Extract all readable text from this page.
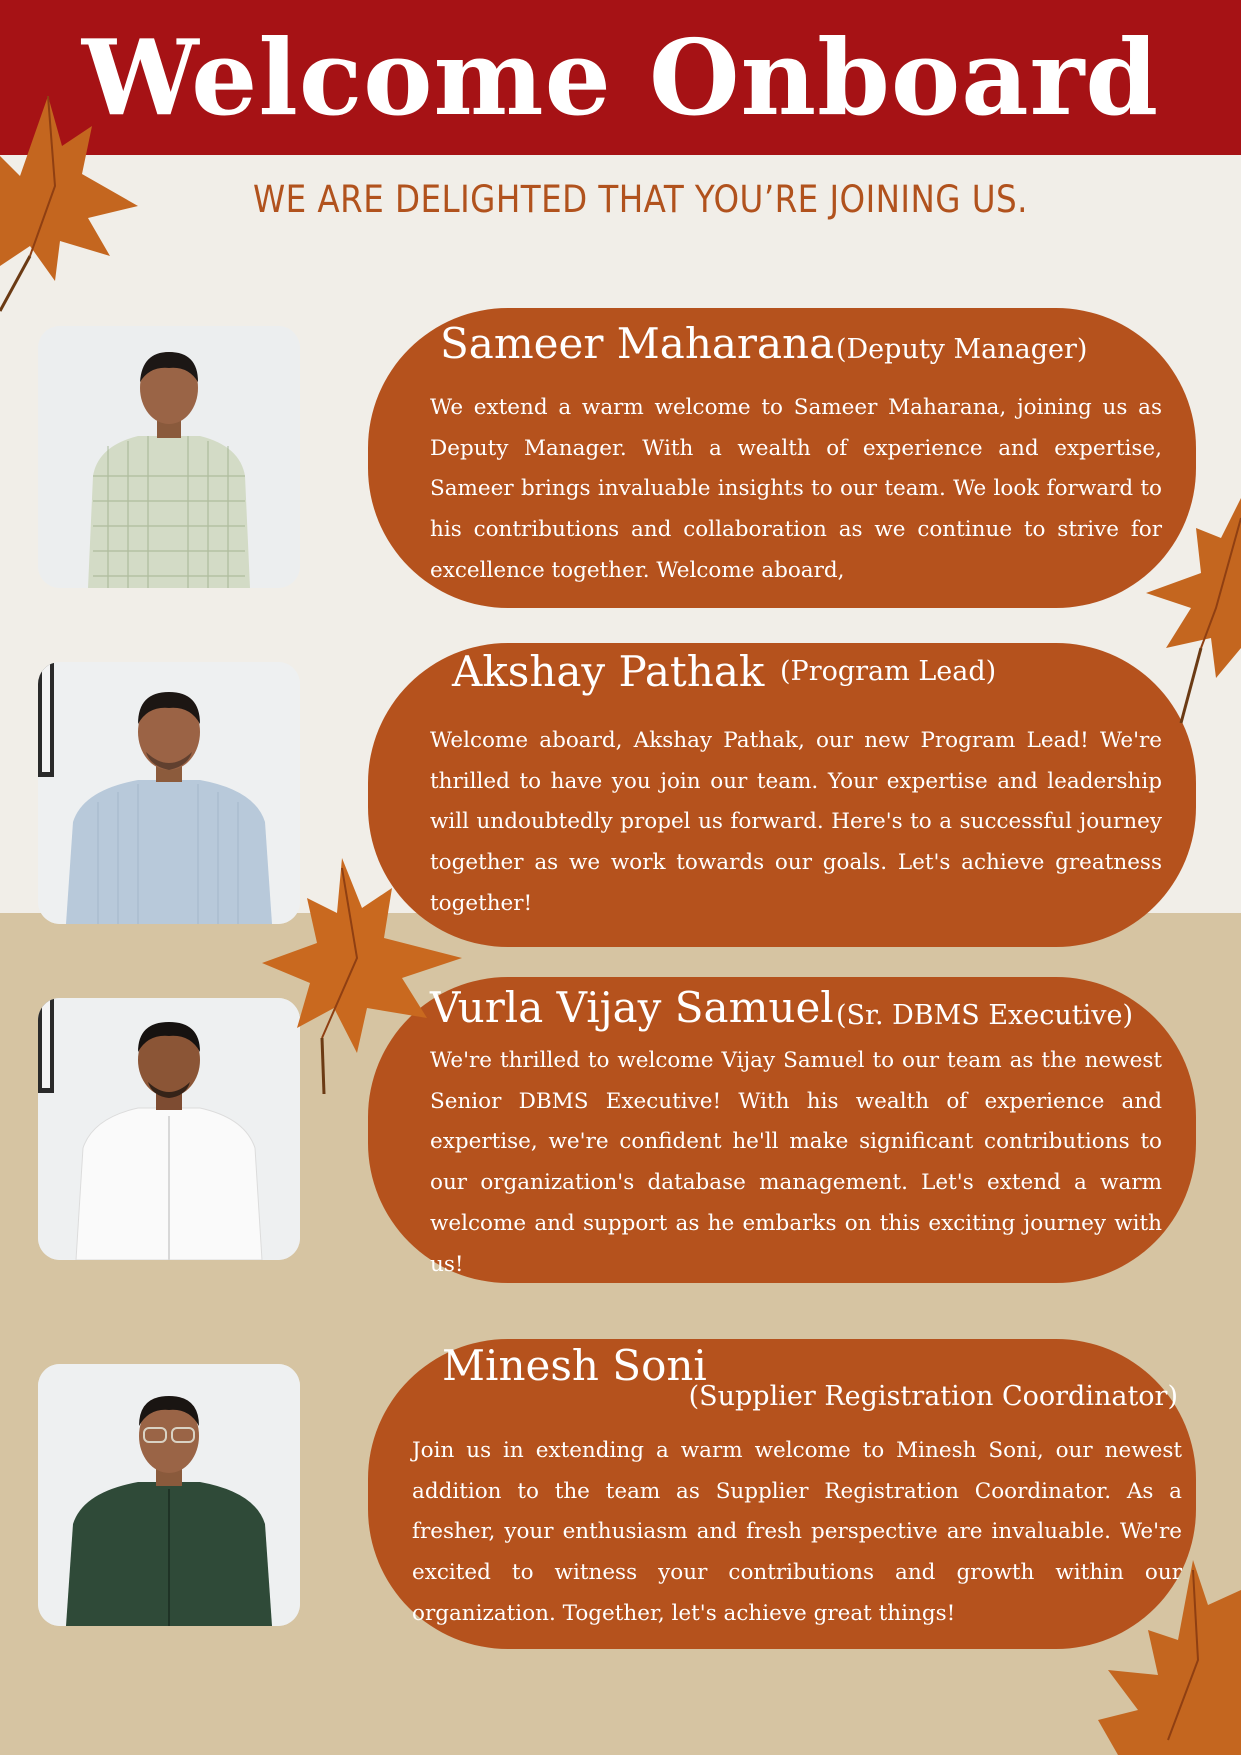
Welcome Onboard
WE ARE DELIGHTED THAT YOU’RE JOINING US.
Sameer Maharana (Deputy Manager)
We extend a warm welcome to Sameer Maharana, joining us as Deputy Manager. With a wealth of experience and expertise, Sameer brings invaluable insights to our team. We look forward to his contributions and collaboration as we continue to strive for excellence together. Welcome aboard,
Akshay Pathak (Program Lead)
Welcome aboard, Akshay Pathak, our new Program Lead! We're thrilled to have you join our team. Your expertise and leadership will undoubtedly propel us forward. Here's to a successful journey together as we work towards our goals. Let's achieve greatness together!
Vurla Vijay Samuel (Sr. DBMS Executive)
We're thrilled to welcome Vijay Samuel to our team as the newest Senior DBMS Executive! With his wealth of experience and expertise, we're confident he'll make significant contributions to our organization's database management. Let's extend a warm welcome and support as he embarks on this exciting journey with us!
Minesh Soni
(Supplier Registration Coordinator)
Join us in extending a warm welcome to Minesh Soni, our newest addition to the team as Supplier Registration Coordinator. As a fresher, your enthusiasm and fresh perspective are invaluable. We're excited to witness your contributions and growth within our organization. Together, let's achieve great things!
